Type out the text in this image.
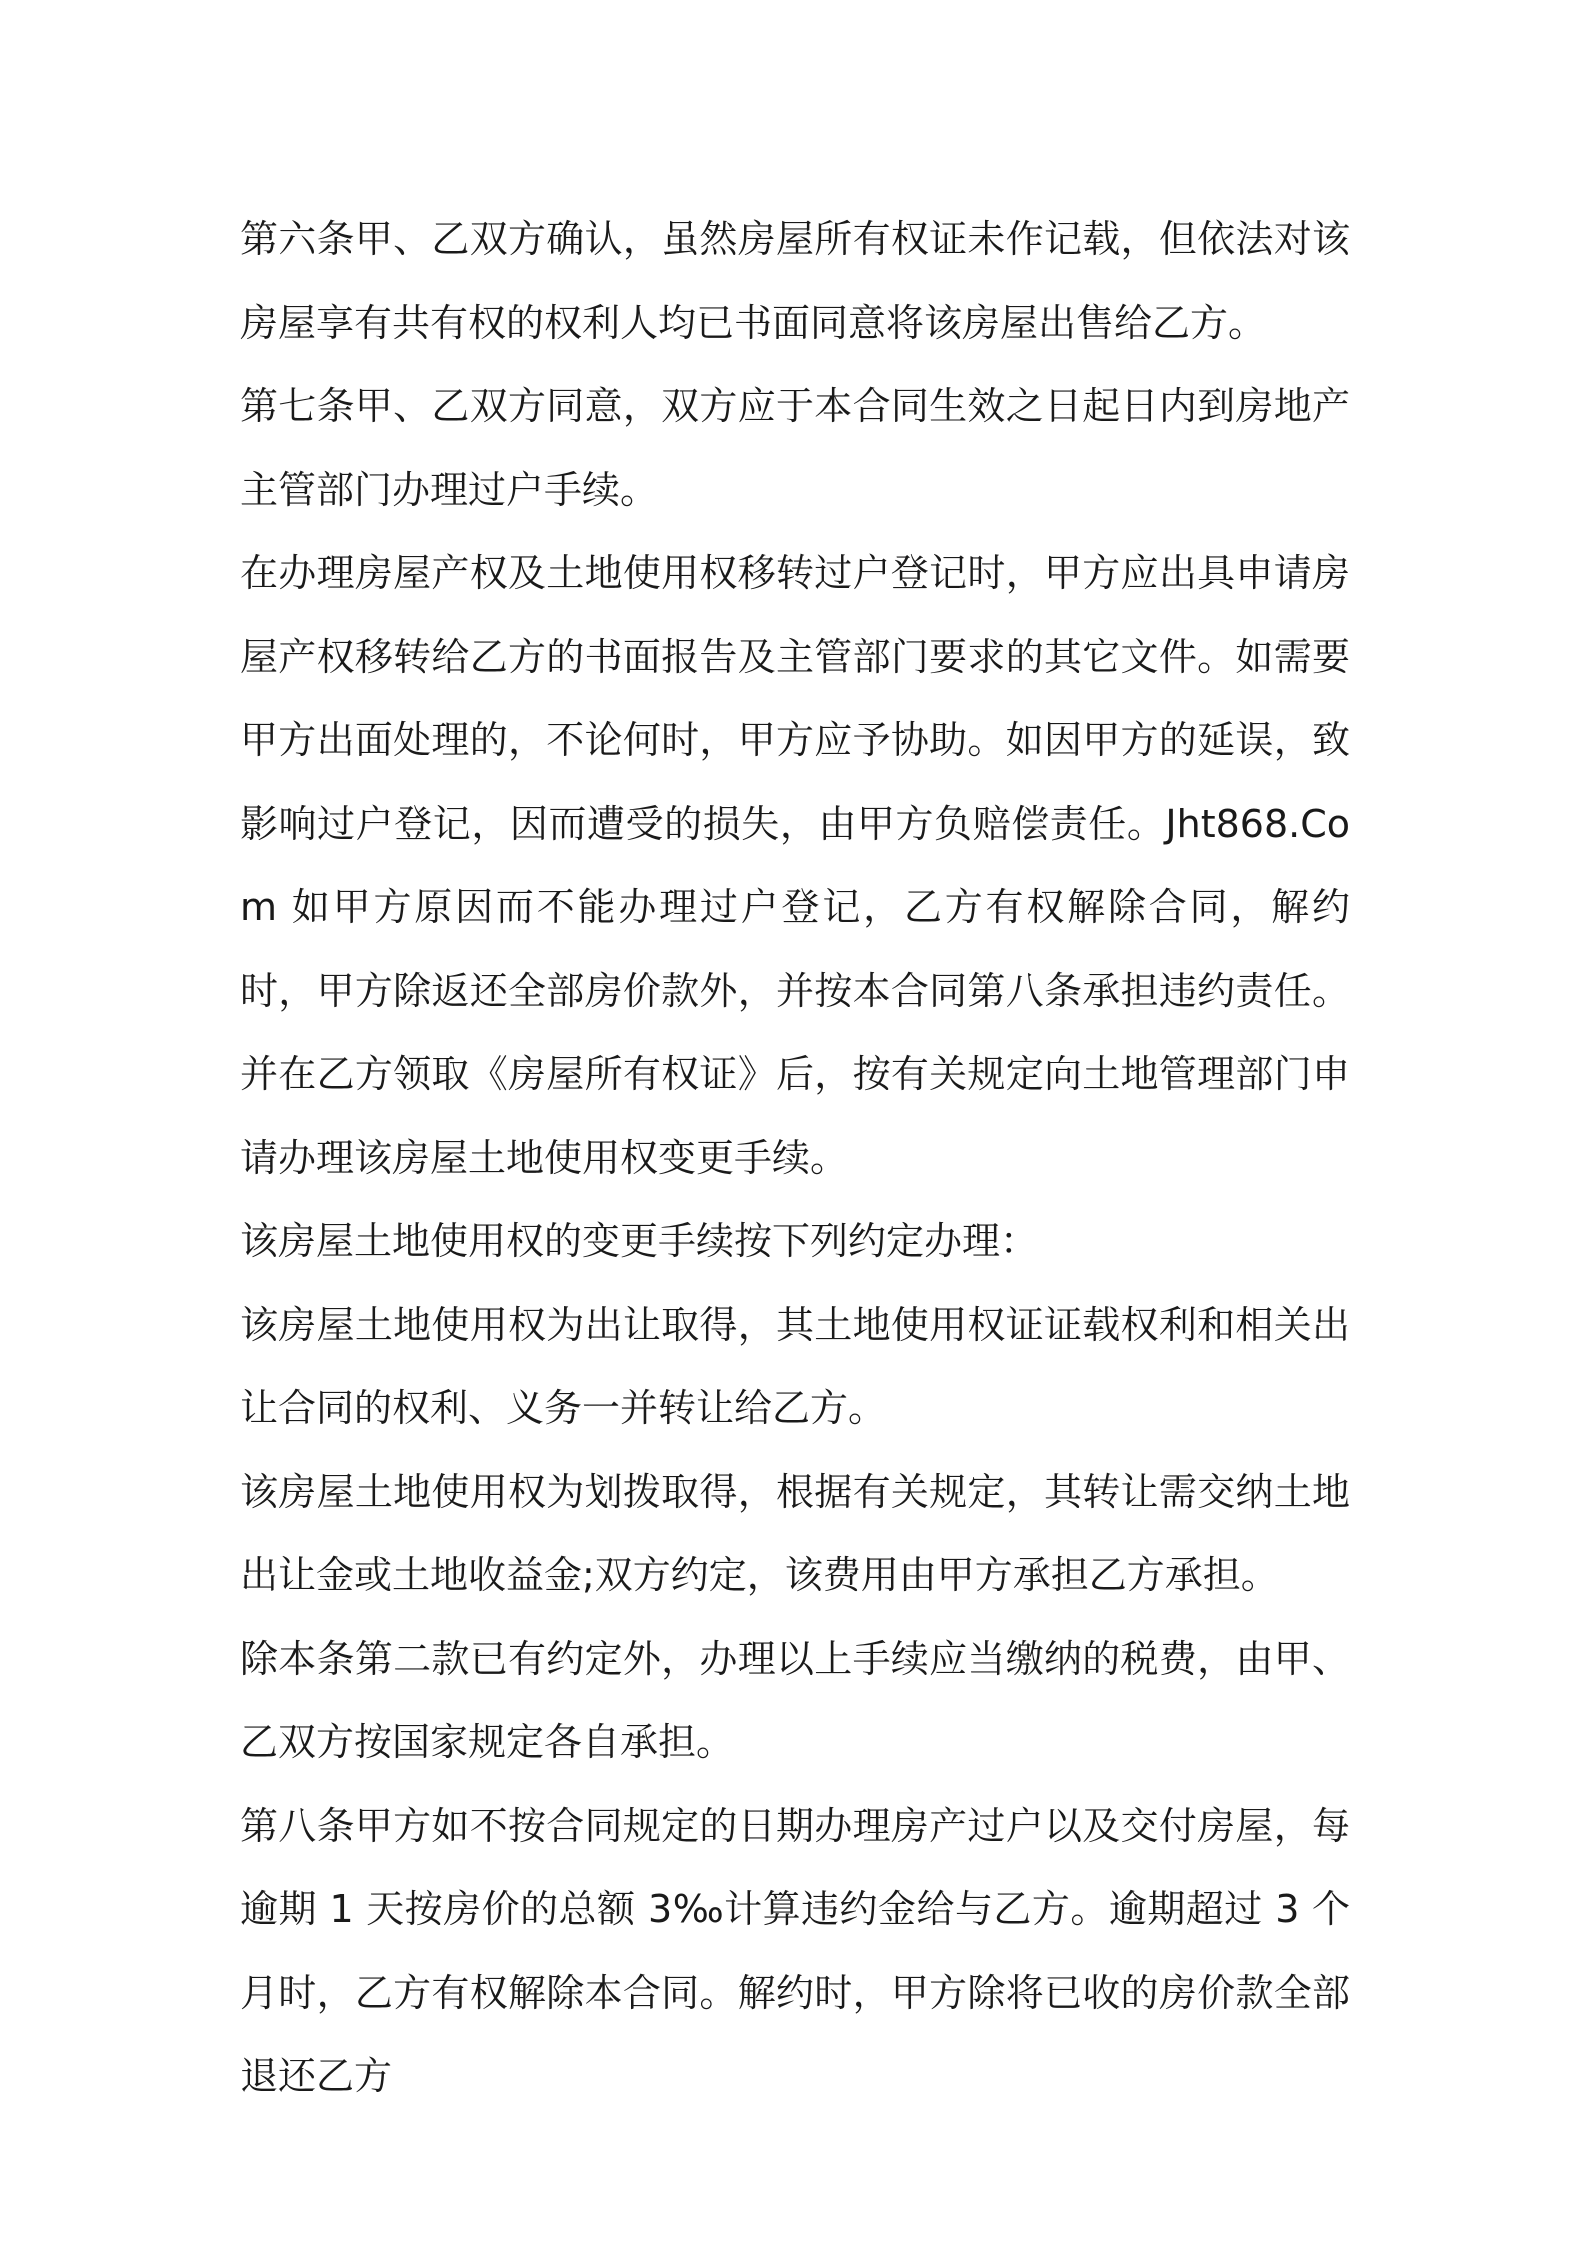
第六条甲、乙双方确认，虽然房屋所有权证未作记载，但依法对该房屋享有共有权的权利人均已书面同意将该房屋出售给乙方。

第七条甲、乙双方同意，双方应于本合同生效之日起日内到房地产主管部门办理过户手续。

在办理房屋产权及土地使用权移转过户登记时，甲方应出具申请房屋产权移转给乙方的书面报告及主管部门要求的其它文件。如需要甲方出面处理的，不论何时，甲方应予协助。如因甲方的延误，致影响过户登记，因而遭受的损失，由甲方负赔偿责任。Jht868.Com 如甲方原因而不能办理过户登记，乙方有权解除合同，解约时，甲方除返还全部房价款外，并按本合同第八条承担违约责任。并在乙方领取《房屋所有权证》后，按有关规定向土地管理部门申请办理该房屋土地使用权变更手续。

该房屋土地使用权的变更手续按下列约定办理：

该房屋土地使用权为出让取得，其土地使用权证证载权利和相关出让合同的权利、义务一并转让给乙方。

该房屋土地使用权为划拨取得，根据有关规定，其转让需交纳土地出让金或土地收益金;双方约定，该费用由甲方承担乙方承担。

除本条第二款已有约定外，办理以上手续应当缴纳的税费，由甲、乙双方按国家规定各自承担。

第八条甲方如不按合同规定的日期办理房产过户以及交付房屋，每逾期 1 天按房价的总额 3‰计算违约金给与乙方。逾期超过 3 个月时，乙方有权解除本合同。解约时，甲方除将已收的房价款全部退还乙方
